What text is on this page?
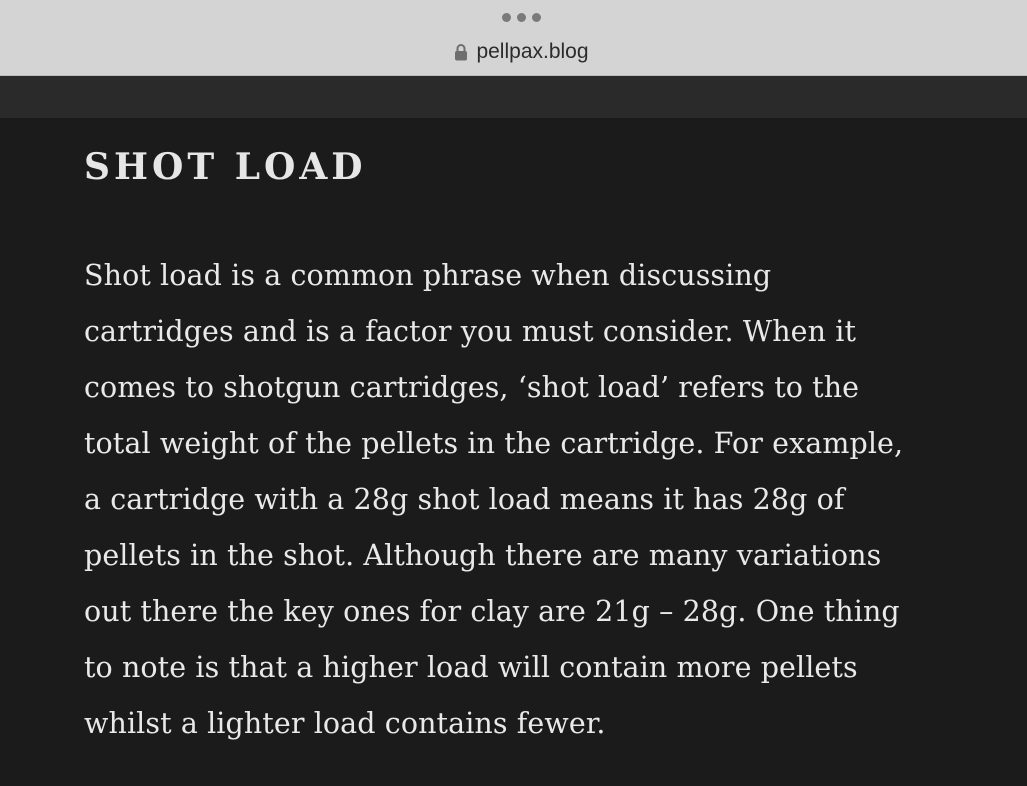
pellpax.blog
SHOT LOAD

Shot load is a common phrase when discussing
cartridges and is a factor you must consider. When it
comes to shotgun cartridges, ‘shot load’ refers to the
total weight of the pellets in the cartridge. For example,
a cartridge with a 28g shot load means it has 28g of
pellets in the shot. Although there are many variations
out there the key ones for clay are 21g – 28g. One thing
to note is that a higher load will contain more pellets
whilst a lighter load contains fewer.
